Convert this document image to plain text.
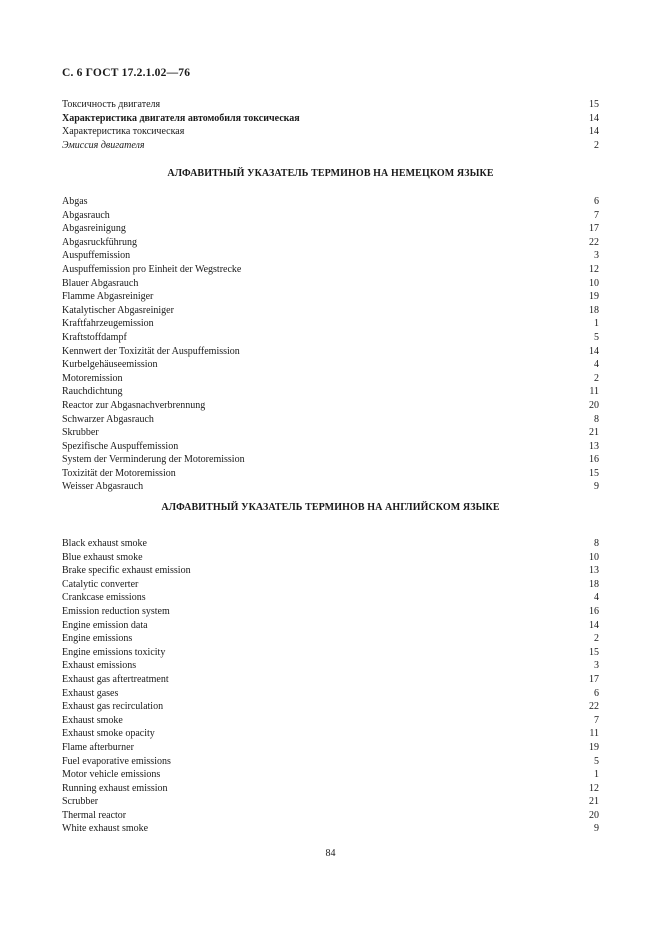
С. 6 ГОСТ 17.2.1.02—76
Токсичность двигателя	15
Характеристика двигателя автомобиля токсическая	14
Характеристика токсическая	14
Эмиссия двигателя	2
АЛФАВИТНЫЙ УКАЗАТЕЛЬ ТЕРМИНОВ НА НЕМЕЦКОМ ЯЗЫКЕ
Abgas	6
Abgasrauch	7
Abgasreinigung	17
Abgasruckführung	22
Auspuffemission	3
Auspuffemission pro Einheit der Wegstrecke	12
Blauer Abgasrauch	10
Flamme Abgasreiniger	19
Katalytischer Abgasreiniger	18
Kraftfahrzeugemission	1
Kraftstoffdampf	5
Kennwert der Toxizität der Auspuffemission	14
Kurbelgehäuseemission	4
Motoremission	2
Rauchdichtung	11
Reactor zur Abgasnachverbrennung	20
Schwarzer Abgasrauch	8
Skrubber	21
Spezifische Auspuffemission	13
System der Verminderung der Motoremission	16
Toxizität der Motoremission	15
Weisser Abgasrauch	9
АЛФАВИТНЫЙ УКАЗАТЕЛЬ ТЕРМИНОВ НА АНГЛИЙСКОМ ЯЗЫКЕ
Black exhaust smoke	8
Blue exhaust smoke	10
Brake specific exhaust emission	13
Catalytic converter	18
Crankcase emissions	4
Emission reduction system	16
Engine emission data	14
Engine emissions	2
Engine emissions toxicity	15
Exhaust emissions	3
Exhaust gas aftertreatment	17
Exhaust gases	6
Exhaust gas recirculation	22
Exhaust smoke	7
Exhaust smoke opacity	11
Flame afterburner	19
Fuel evaporative emissions	5
Motor vehicle emissions	1
Running exhaust emission	12
Scrubber	21
Thermal reactor	20
White exhaust smoke	9
84
